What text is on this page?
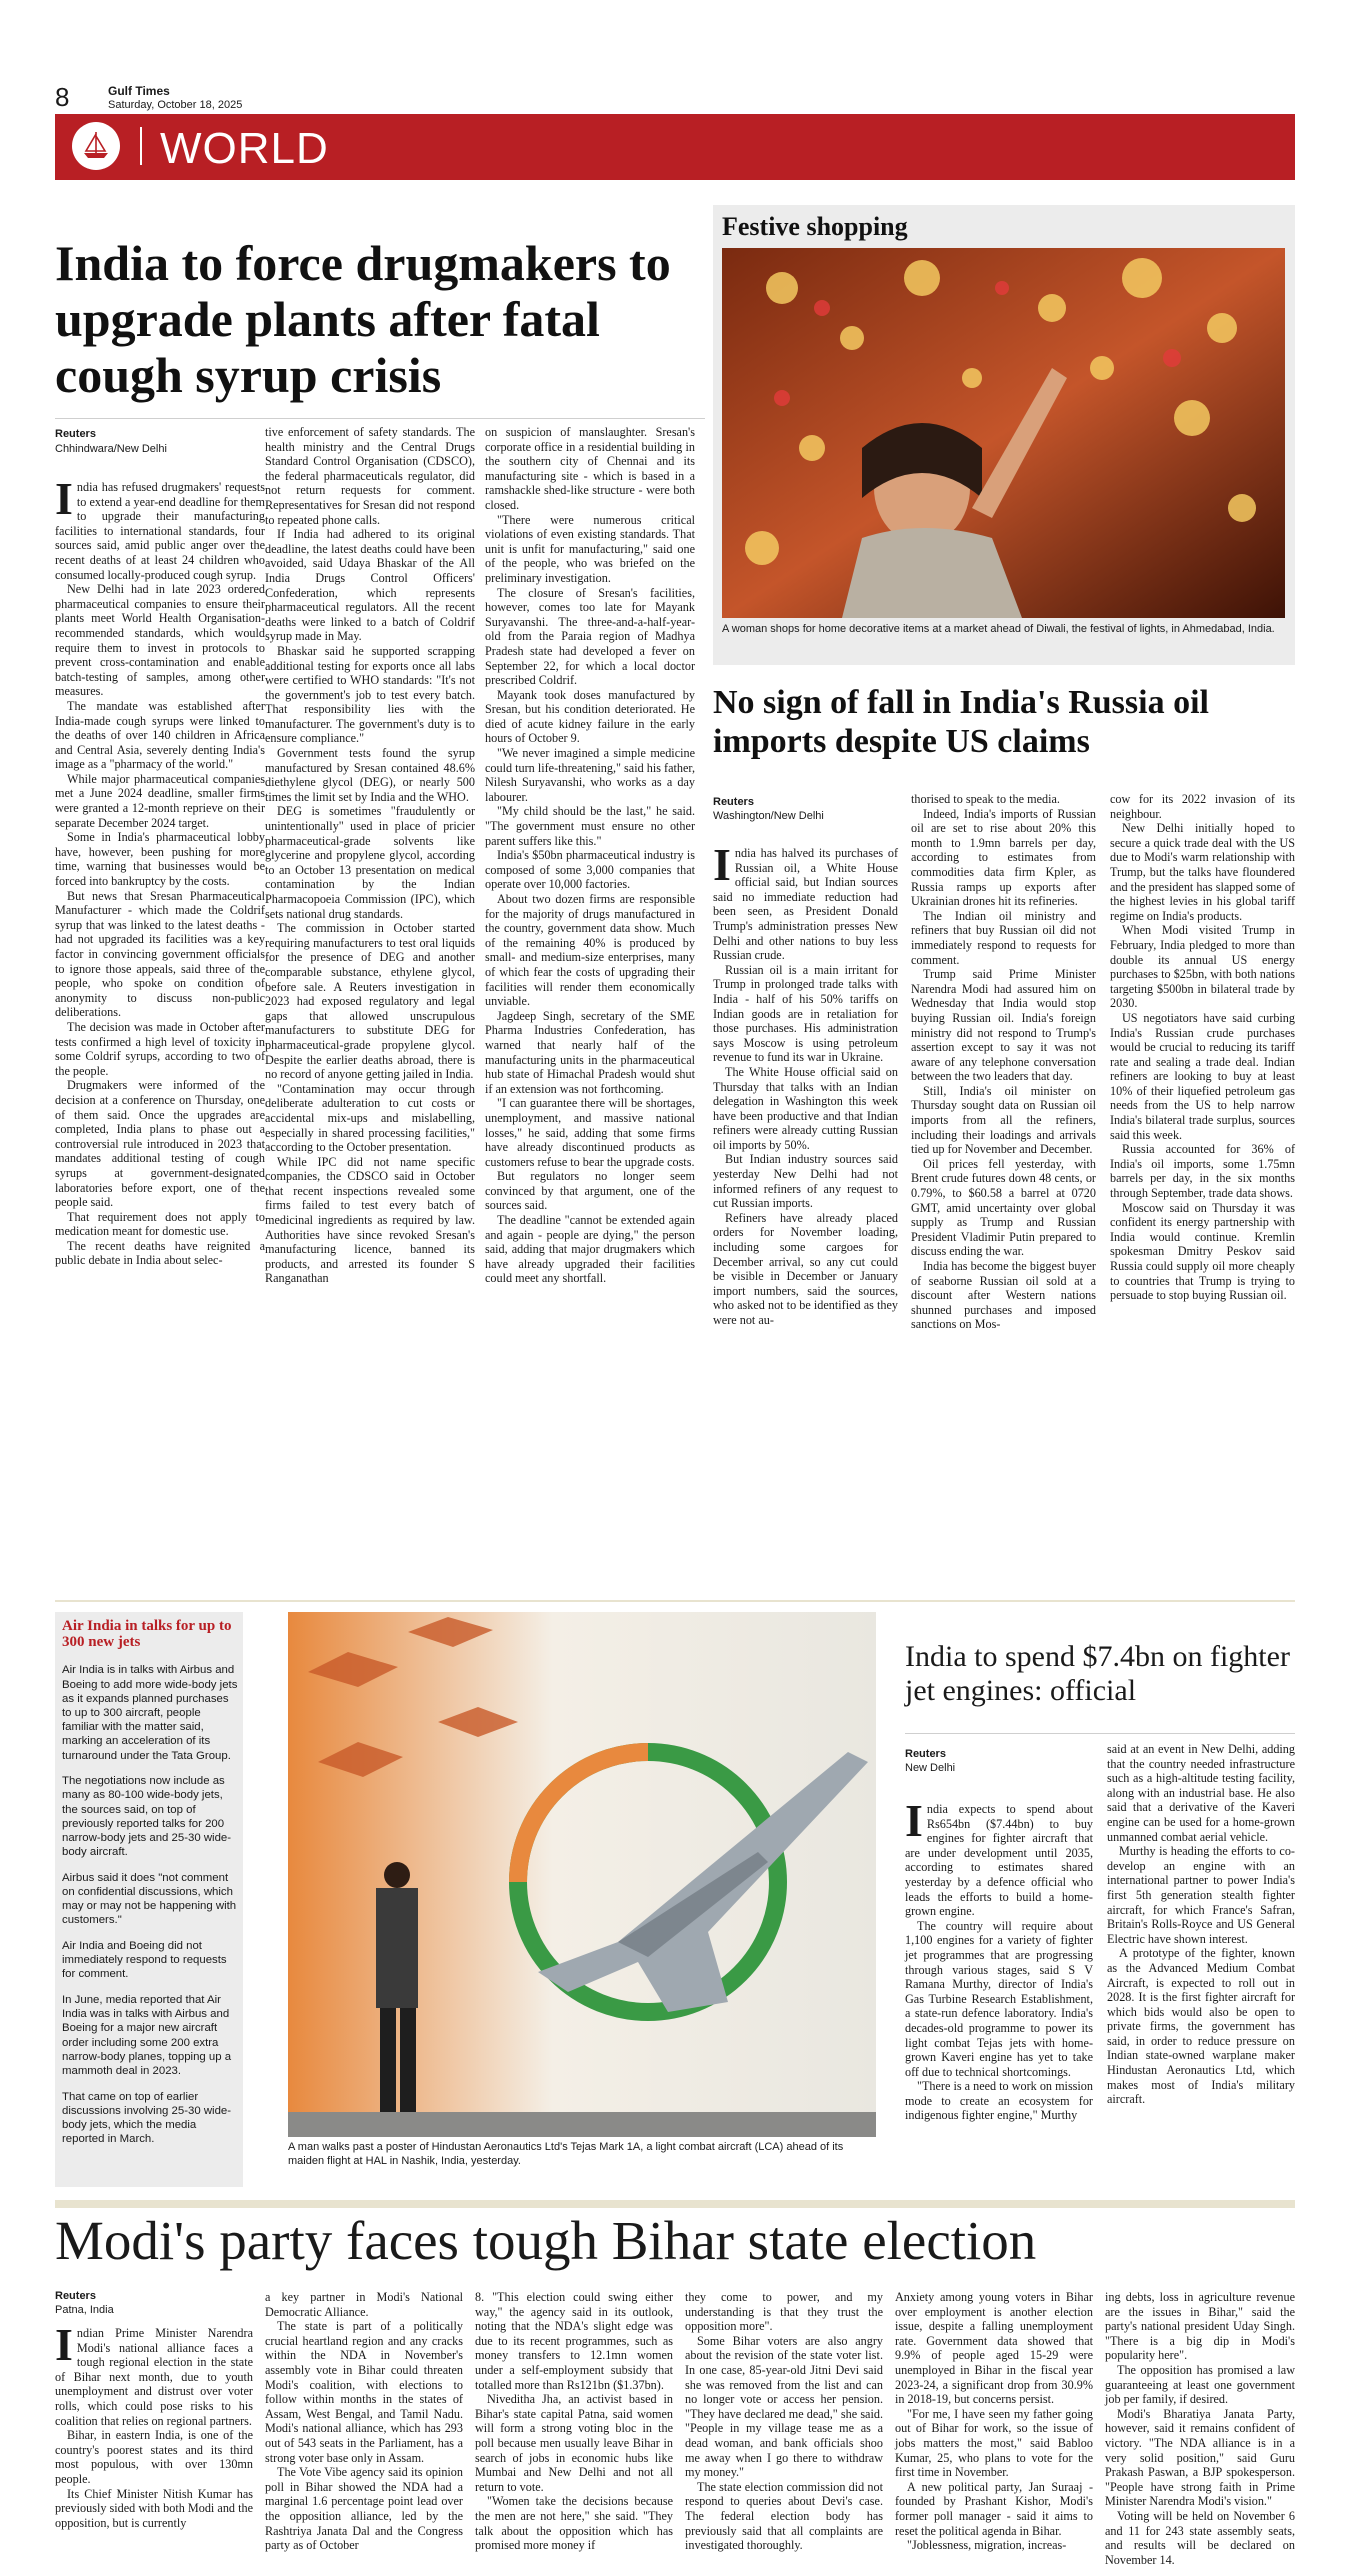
8	Gulf Times
Saturday, October 18, 2025
WORLD
India to force drugmakers to upgrade plants after fatal cough syrup crisis
Reuters
Chhindwara/New Delhi
I ndia has refused drugmakers' requests to extend a year-end deadline for them to upgrade their manufacturing facilities to international standards, four sources said, amid public anger over the recent deaths of at least 24 children who consumed locally-produced cough syrup.

New Delhi had in late 2023 ordered pharmaceutical companies to ensure their plants meet World Health Organisation-recommended standards, which would require them to invest in protocols to prevent cross-contamination and enable batch-testing of samples, among other measures.

The mandate was established after India-made cough syrups were linked to the deaths of over 140 children in Africa and Central Asia, severely denting India's image as a "pharmacy of the world."

While major pharmaceutical companies met a June 2024 deadline, smaller firms were granted a 12-month reprieve on their separate December 2024 target.

Some in India's pharmaceutical lobby have, however, been pushing for more time, warning that businesses would be forced into bankruptcy by the costs.

But news that Sresan Pharmaceutical Manufacturer - which made the Coldrif syrup that was linked to the latest deaths - had not upgraded its facilities was a key factor in convincing government officials to ignore those appeals, said three of the people, who spoke on condition of anonymity to discuss non-public deliberations.

The decision was made in October after tests confirmed a high level of toxicity in some Coldrif syrups, according to two of the people.

Drugmakers were informed of the decision at a conference on Thursday, one of them said. Once the upgrades are completed, India plans to phase out a controversial rule introduced in 2023 that mandates additional testing of cough syrups at government-designated laboratories before export, one of the people said.

That requirement does not apply to medication meant for domestic use.

The recent deaths have reignited a public debate in India about selec-

tive enforcement of safety standards. The health ministry and the Central Drugs Standard Control Organisation (CDSCO), the federal pharmaceuticals regulator, did not return requests for comment. Representatives for Sresan did not respond to repeated phone calls.

If India had adhered to its original deadline, the latest deaths could have been avoided, said Udaya Bhaskar of the All India Drugs Control Officers' Confederation, which represents pharmaceutical regulators. All the recent deaths were linked to a batch of Coldrif syrup made in May.

Bhaskar said he supported scrapping additional testing for exports once all labs were certified to WHO standards: "It's not the government's job to test every batch. That responsibility lies with the manufacturer. The government's duty is to ensure compliance."

Government tests found the syrup manufactured by Sresan contained 48.6% diethylene glycol (DEG), or nearly 500 times the limit set by India and the WHO.

DEG is sometimes "fraudulently or unintentionally" used in place of pricier pharmaceutical-grade solvents like glycerine and propylene glycol, according to an October 13 presentation on medical contamination by the Indian Pharmacopoeia Commission (IPC), which sets national drug standards.

The commission in October started requiring manufacturers to test oral liquids for the presence of DEG and another comparable substance, ethylene glycol, before sale. A Reuters investigation in 2023 had exposed regulatory and legal gaps that allowed unscrupulous manufacturers to substitute DEG for pharmaceutical-grade propylene glycol. Despite the earlier deaths abroad, there is no record of anyone getting jailed in India.

"Contamination may occur through deliberate adulteration to cut costs or accidental mix-ups and mislabelling, especially in shared processing facilities," according to the October presentation.

While IPC did not name specific companies, the CDSCO said in October that recent inspections revealed some firms failed to test every batch of medicinal ingredients as required by law. Authorities have since revoked Sresan's manufacturing licence, banned its products, and arrested its founder S Ranganathan

on suspicion of manslaughter. Sresan's corporate office in a residential building in the southern city of Chennai and its manufacturing site - which is based in a ramshackle shed-like structure - were both closed.

"There were numerous critical violations of even existing standards. That unit is unfit for manufacturing," said one of the people, who was briefed on the preliminary investigation.

The closure of Sresan's facilities, however, comes too late for Mayank Suryavanshi. The three-and-a-half-year-old from the Paraia region of Madhya Pradesh state had developed a fever on September 22, for which a local doctor prescribed Coldrif.

Mayank took doses manufactured by Sresan, but his condition deteriorated. He died of acute kidney failure in the early hours of October 9.

"We never imagined a simple medicine could turn life-threatening," said his father, Nilesh Suryavanshi, who works as a day labourer.

"My child should be the last," he said. "The government must ensure no other parent suffers like this."

India's $50bn pharmaceutical industry is composed of some 3,000 companies that operate over 10,000 factories.

About two dozen firms are responsible for the majority of drugs manufactured in the country, government data show. Much of the remaining 40% is produced by small- and medium-size enterprises, many of which fear the costs of upgrading their facilities will render them economically unviable.

Jagdeep Singh, secretary of the SME Pharma Industries Confederation, has warned that nearly half of the manufacturing units in the pharmaceutical hub state of Himachal Pradesh would shut if an extension was not forthcoming.

"I can guarantee there will be shortages, unemployment, and massive national losses," he said, adding that some firms have already discontinued products as customers refuse to bear the upgrade costs.

But regulators no longer seem convinced by that argument, one of the sources said.

The deadline "cannot be extended again and again - people are dying," the person said, adding that major drugmakers which have already upgraded their facilities could meet any shortfall.

Festive shopping
A woman shops for home decorative items at a market ahead of Diwali, the festival of lights, in Ahmedabad, India.
No sign of fall in India's Russia oil imports despite US claims
Reuters
Washington/New Delhi
I ndia has halved its purchases of Russian oil, a White House official said, but Indian sources said no immediate reduction had been seen, as President Donald Trump's administration presses New Delhi and other nations to buy less Russian crude.

Russian oil is a main irritant for Trump in prolonged trade talks with India - half of his 50% tariffs on Indian goods are in retaliation for those purchases. His administration says Moscow is using petroleum revenue to fund its war in Ukraine.

The White House official said on Thursday that talks with an Indian delegation in Washington this week have been productive and that Indian refiners were already cutting Russian oil imports by 50%.

But Indian industry sources said yesterday New Delhi had not informed refiners of any request to cut Russian imports.

Refiners have already placed orders for November loading, including some cargoes for December arrival, so any cut could be visible in December or January import numbers, said the sources, who asked not to be identified as they were not au-

thorised to speak to the media.

Indeed, India's imports of Russian oil are set to rise about 20% this month to 1.9mn barrels per day, according to estimates from commodities data firm Kpler, as Russia ramps up exports after Ukrainian drones hit its refineries.

The Indian oil ministry and refiners that buy Russian oil did not immediately respond to requests for comment.

Trump said Prime Minister Narendra Modi had assured him on Wednesday that India would stop buying Russian oil. India's foreign ministry did not respond to Trump's assertion except to say it was not aware of any telephone conversation between the two leaders that day.

Still, India's oil minister on Thursday sought data on Russian oil imports from all the refiners, including their loadings and arrivals tied up for November and December.

Oil prices fell yesterday, with Brent crude futures down 48 cents, or 0.79%, to $60.58 a barrel at 0720 GMT, amid uncertainty over global supply as Trump and Russian President Vladimir Putin prepared to discuss ending the war.

India has become the biggest buyer of seaborne Russian oil sold at a discount after Western nations shunned purchases and imposed sanctions on Mos-

cow for its 2022 invasion of its neighbour.

New Delhi initially hoped to secure a quick trade deal with the US due to Modi's warm relationship with Trump, but the talks have floundered and the president has slapped some of the highest levies in his global tariff regime on India's products.

When Modi visited Trump in February, India pledged to more than double its annual US energy purchases to $25bn, with both nations targeting $500bn in bilateral trade by 2030.

US negotiators have said curbing India's Russian crude purchases would be crucial to reducing its tariff rate and sealing a trade deal. Indian refiners are looking to buy at least 10% of their liquefied petroleum gas needs from the US to help narrow India's bilateral trade surplus, sources said this week.

Russia accounted for 36% of India's oil imports, some 1.75mn barrels per day, in the six months through September, trade data shows.

Moscow said on Thursday it was confident its energy partnership with India would continue. Kremlin spokesman Dmitry Peskov said Russia could supply oil more cheaply to countries that Trump is trying to persuade to stop buying Russian oil.

Air India in talks for up to 300 new jets

Air India is in talks with Airbus and Boeing to add more wide-body jets as it expands planned purchases to up to 300 aircraft, people familiar with the matter said, marking an acceleration of its turnaround under the Tata Group.

The negotiations now include as many as 80-100 wide-body jets, the sources said, on top of previously reported talks for 200 narrow-body jets and 25-30 wide-body aircraft.

Airbus said it does "not comment on confidential discussions, which may or may not be happening with customers."

Air India and Boeing did not immediately respond to requests for comment.

In June, media reported that Air India was in talks with Airbus and Boeing for a major new aircraft order including some 200 extra narrow-body planes, topping up a mammoth deal in 2023.

That came on top of earlier discussions involving 25-30 wide-body jets, which the media reported in March.

A man walks past a poster of Hindustan Aeronautics Ltd's Tejas Mark 1A, a light combat aircraft (LCA) ahead of its maiden flight at HAL in Nashik, India, yesterday.
India to spend $7.4bn on fighter jet engines: official
Reuters
New Delhi
I ndia expects to spend about Rs654bn ($7.44bn) to buy engines for fighter aircraft that are under development until 2035, according to estimates shared yesterday by a defence official who leads the efforts to build a home-grown engine.

The country will require about 1,100 engines for a variety of fighter jet programmes that are progressing through various stages, said S V Ramana Murthy, director of India's Gas Turbine Research Establishment, a state-run defence laboratory. India's decades-old programme to power its light combat Tejas jets with home-grown Kaveri engine has yet to take off due to technical shortcomings.

"There is a need to work on mission mode to create an ecosystem for indigenous fighter engine," Murthy

said at an event in New Delhi, adding that the country needed infrastructure such as a high-altitude testing facility, along with an industrial base. He also said that a derivative of the Kaveri engine can be used for a home-grown unmanned combat aerial vehicle.

Murthy is heading the efforts to co-develop an engine with an international partner to power India's first 5th generation stealth fighter aircraft, for which France's Safran, Britain's Rolls-Royce and US General Electric have shown interest.

A prototype of the fighter, known as the Advanced Medium Combat Aircraft, is expected to roll out in 2028. It is the first fighter aircraft for which bids would also be open to private firms, the government has said, in order to reduce pressure on Indian state-owned warplane maker Hindustan Aeronautics Ltd, which makes most of India's military aircraft.

Modi's party faces tough Bihar state election
Reuters
Patna, India
I ndian Prime Minister Narendra Modi's national alliance faces a tough regional election in the state of Bihar next month, due to youth unemployment and distrust over voter rolls, which could pose risks to his coalition that relies on regional partners.

Bihar, in eastern India, is one of the country's poorest states and its third most populous, with over 130mn people.

Its Chief Minister Nitish Kumar has previously sided with both Modi and the opposition, but is currently

a key partner in Modi's National Democratic Alliance.

The state is part of a politically crucial heartland region and any cracks within the NDA in November's assembly vote in Bihar could threaten Modi's coalition, with elections to follow within months in the states of Assam, West Bengal, and Tamil Nadu. Modi's national alliance, which has 293 out of 543 seats in the Parliament, has a strong voter base only in Assam.

The Vote Vibe agency said its opinion poll in Bihar showed the NDA had a marginal 1.6 percentage point lead over the opposition alliance, led by the Rashtriya Janata Dal and the Congress party as of October

8. "This election could swing either way," the agency said in its outlook, noting that the NDA's slight edge was due to its recent programmes, such as money transfers to 12.1mn women under a self-employment subsidy that totalled more than Rs121bn ($1.37bn).

Niveditha Jha, an activist based in Bihar's state capital Patna, said women will form a strong voting bloc in the poll because men usually leave Bihar in search of jobs in economic hubs like Mumbai and New Delhi and not all return to vote.

"Women take the decisions because the men are not here," she said. "They talk about the opposition which has promised more money if

they come to power, and my understanding is that they trust the opposition more".

Some Bihar voters are also angry about the revision of the state voter list. In one case, 85-year-old Jitni Devi said she was removed from the list and can no longer vote or access her pension. "They have declared me dead," she said. "People in my village tease me as a dead woman, and bank officials shoo me away when I go there to withdraw my money."

The state election commission did not respond to queries about Devi's case. The federal election body has previously said that all complaints are investigated thoroughly.

Anxiety among young voters in Bihar over employment is another election issue, despite a falling unemployment rate. Government data showed that 9.9% of people aged 15-29 were unemployed in Bihar in the fiscal year 2023-24, a significant drop from 30.9% in 2018-19, but concerns persist.

"For me, I have seen my father going out of Bihar for work, so the issue of jobs matters the most," said Babloo Kumar, 25, who plans to vote for the first time in November.

A new political party, Jan Suraaj - founded by Prashant Kishor, Modi's former poll manager - said it aims to reset the political agenda in Bihar.

"Joblessness, migration, increas-

ing debts, loss in agriculture revenue are the issues in Bihar," said the party's national president Uday Singh. "There is a big dip in Modi's popularity here".

The opposition has promised a law guaranteeing at least one government job per family, if desired.

Modi's Bharatiya Janata Party, however, said it remains confident of victory. "The NDA alliance is in a very solid position," said Guru Prakash Paswan, a BJP spokesperson. "People have strong faith in Prime Minister Narendra Modi's vision."

Voting will be held on November 6 and 11 for 243 state assembly seats, and results will be declared on November 14.
